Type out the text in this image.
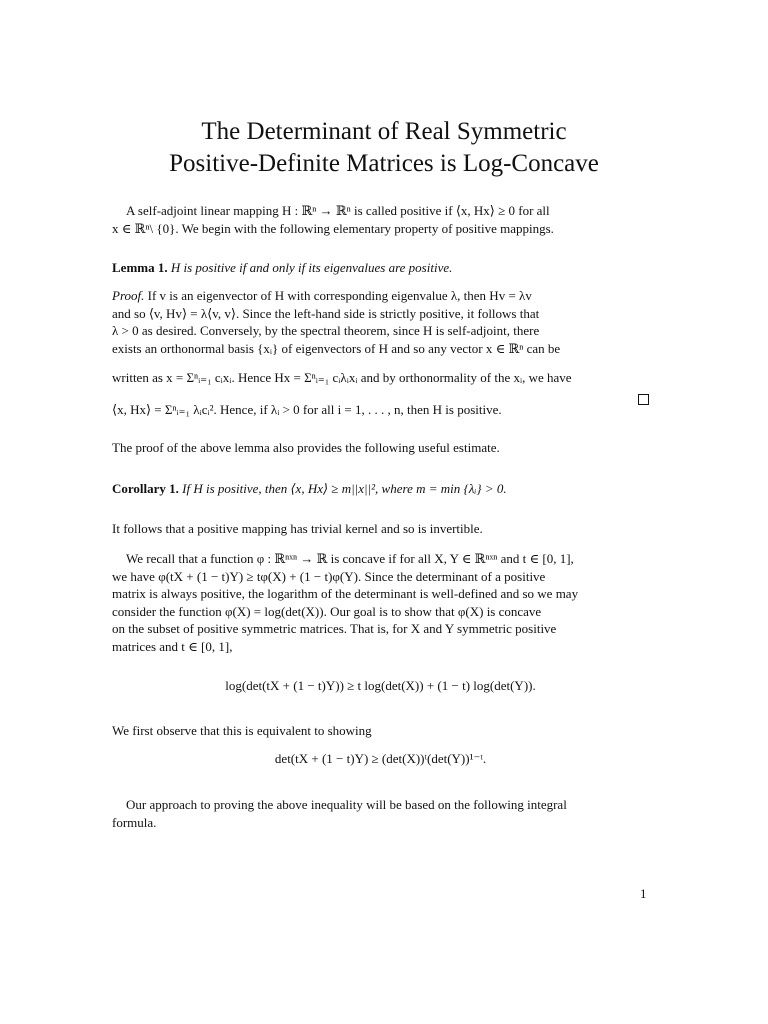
The Determinant of Real Symmetric
Positive-Definite Matrices is Log-Concave
A self-adjoint linear mapping H : ℝⁿ → ℝⁿ is called positive if ⟨x, Hx⟩ ≥ 0 for all
x ∈ ℝⁿ\ {0}. We begin with the following elementary property of positive mappings.
Lemma 1. H is positive if and only if its eigenvalues are positive.
Proof. If v is an eigenvector of H with corresponding eigenvalue λ, then Hv = λv
and so ⟨v, Hv⟩ = λ⟨v, v⟩. Since the left-hand side is strictly positive, it follows that
λ > 0 as desired. Conversely, by the spectral theorem, since H is self-adjoint, there
exists an orthonormal basis {xᵢ} of eigenvectors of H and so any vector x ∈ ℝⁿ can be
written as x = Σⁿᵢ₌₁ cᵢxᵢ. Hence Hx = Σⁿᵢ₌₁ cᵢλᵢxᵢ and by orthonormality of the xᵢ, we have
⟨x, Hx⟩ = Σⁿᵢ₌₁ λᵢcᵢ². Hence, if λᵢ > 0 for all i = 1, . . . , n, then H is positive.
The proof of the above lemma also provides the following useful estimate.
Corollary 1. If H is positive, then ⟨x, Hx⟩ ≥ m||x||², where m = min {λᵢ} > 0.
It follows that a positive mapping has trivial kernel and so is invertible.
We recall that a function φ : ℝⁿˣⁿ → ℝ is concave if for all X, Y ∈ ℝⁿˣⁿ and t ∈ [0, 1],
we have φ(tX + (1 − t)Y) ≥ tφ(X) + (1 − t)φ(Y). Since the determinant of a positive
matrix is always positive, the logarithm of the determinant is well-defined and so we may
consider the function φ(X) = log(det(X)). Our goal is to show that φ(X) is concave
on the subset of positive symmetric matrices. That is, for X and Y symmetric positive
matrices and t ∈ [0, 1],
log(det(tX + (1 − t)Y)) ≥ t log(det(X)) + (1 − t) log(det(Y)).
We first observe that this is equivalent to showing
det(tX + (1 − t)Y) ≥ (det(X))ᵗ(det(Y))¹⁻ᵗ.
Our approach to proving the above inequality will be based on the following integral
formula.
1
